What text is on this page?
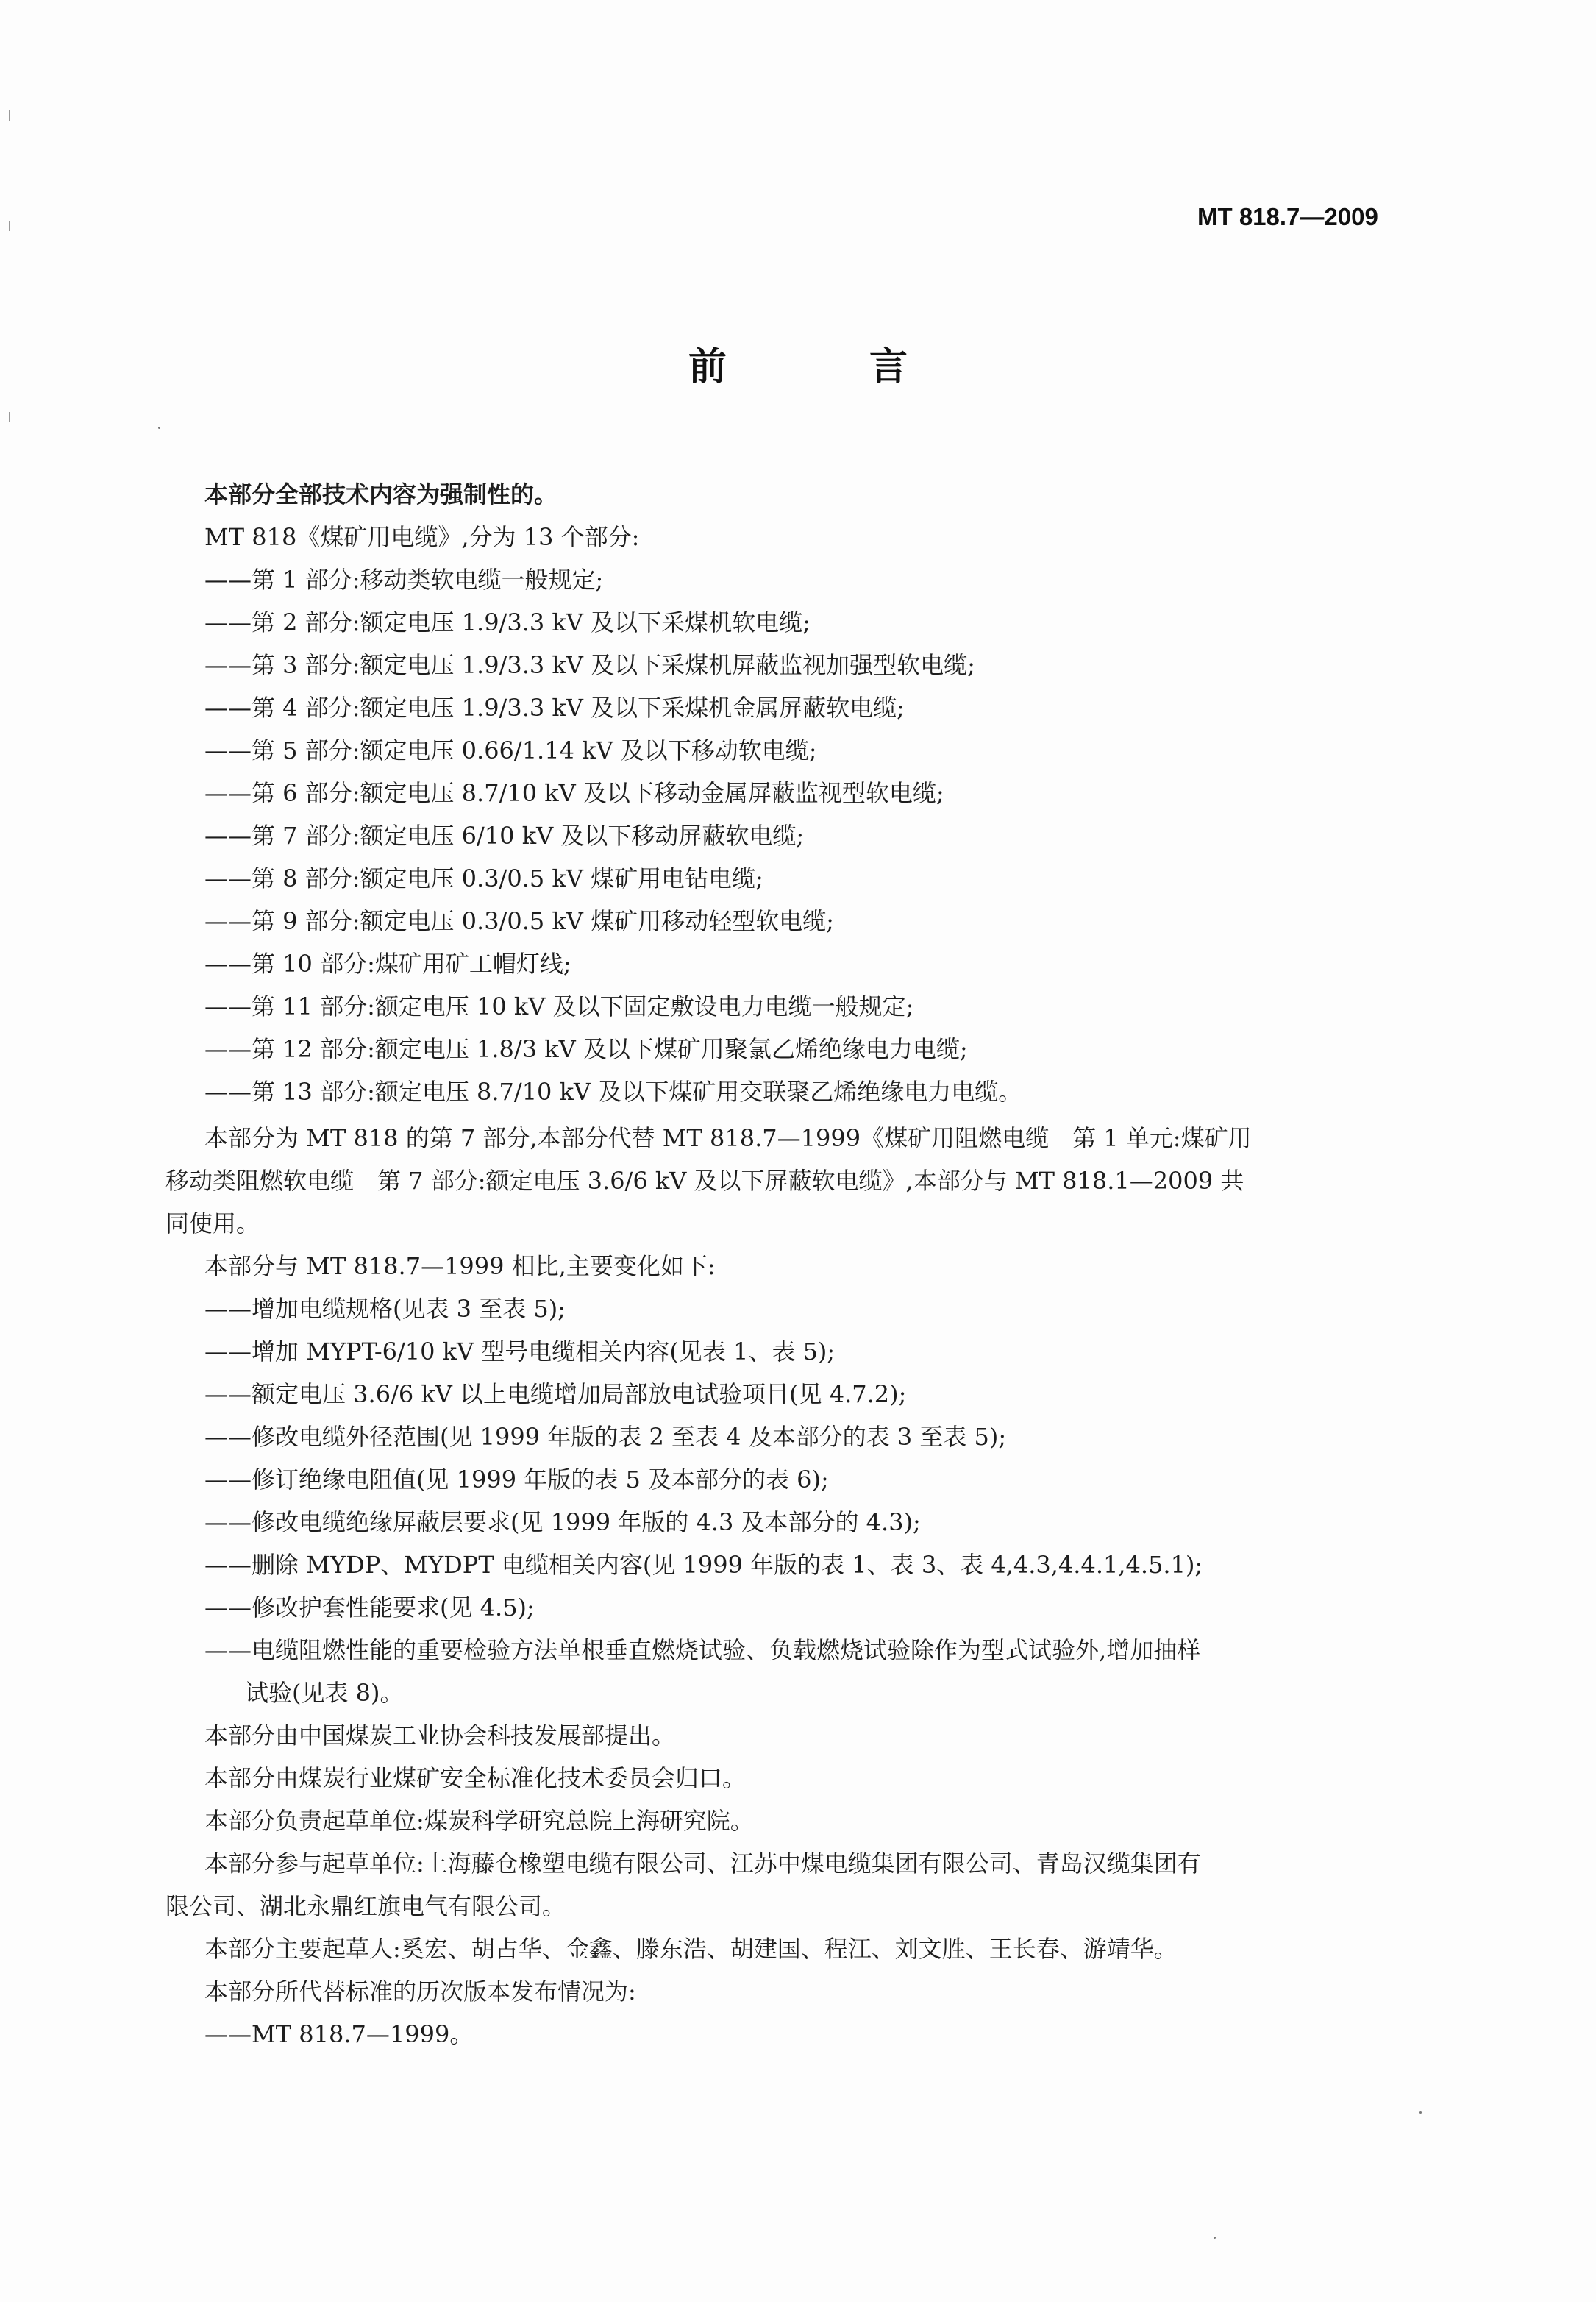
MT 818.7—2009
前 言
本部分全部技术内容为强制性的。
MT 818《煤矿用电缆》,分为 13 个部分:
——第 1 部分:移动类软电缆一般规定;
——第 2 部分:额定电压 1.9/3.3 kV 及以下采煤机软电缆;
——第 3 部分:额定电压 1.9/3.3 kV 及以下采煤机屏蔽监视加强型软电缆;
——第 4 部分:额定电压 1.9/3.3 kV 及以下采煤机金属屏蔽软电缆;
——第 5 部分:额定电压 0.66/1.14 kV 及以下移动软电缆;
——第 6 部分:额定电压 8.7/10 kV 及以下移动金属屏蔽监视型软电缆;
——第 7 部分:额定电压 6/10 kV 及以下移动屏蔽软电缆;
——第 8 部分:额定电压 0.3/0.5 kV 煤矿用电钻电缆;
——第 9 部分:额定电压 0.3/0.5 kV 煤矿用移动轻型软电缆;
——第 10 部分:煤矿用矿工帽灯线;
——第 11 部分:额定电压 10 kV 及以下固定敷设电力电缆一般规定;
——第 12 部分:额定电压 1.8/3 kV 及以下煤矿用聚氯乙烯绝缘电力电缆;
——第 13 部分:额定电压 8.7/10 kV 及以下煤矿用交联聚乙烯绝缘电力电缆。
本部分为 MT 818 的第 7 部分,本部分代替 MT 818.7—1999《煤矿用阻燃电缆　第 1 单元:煤矿用
移动类阻燃软电缆　第 7 部分:额定电压 3.6/6 kV 及以下屏蔽软电缆》,本部分与 MT 818.1—2009 共
同使用。
本部分与 MT 818.7—1999 相比,主要变化如下:
——增加电缆规格(见表 3 至表 5);
——增加 MYPT-6/10 kV 型号电缆相关内容(见表 1、表 5);
——额定电压 3.6/6 kV 以上电缆增加局部放电试验项目(见 4.7.2);
——修改电缆外径范围(见 1999 年版的表 2 至表 4 及本部分的表 3 至表 5);
——修订绝缘电阻值(见 1999 年版的表 5 及本部分的表 6);
——修改电缆绝缘屏蔽层要求(见 1999 年版的 4.3 及本部分的 4.3);
——删除 MYDP、MYDPT 电缆相关内容(见 1999 年版的表 1、表 3、表 4,4.3,4.4.1,4.5.1);
——修改护套性能要求(见 4.5);
——电缆阻燃性能的重要检验方法单根垂直燃烧试验、负载燃烧试验除作为型式试验外,增加抽样
试验(见表 8)。
本部分由中国煤炭工业协会科技发展部提出。
本部分由煤炭行业煤矿安全标准化技术委员会归口。
本部分负责起草单位:煤炭科学研究总院上海研究院。
本部分参与起草单位:上海藤仓橡塑电缆有限公司、江苏中煤电缆集团有限公司、青岛汉缆集团有
限公司、湖北永鼎红旗电气有限公司。
本部分主要起草人:奚宏、胡占华、金鑫、滕东浩、胡建国、程江、刘文胜、王长春、游靖华。
本部分所代替标准的历次版本发布情况为:
——MT 818.7—1999。
